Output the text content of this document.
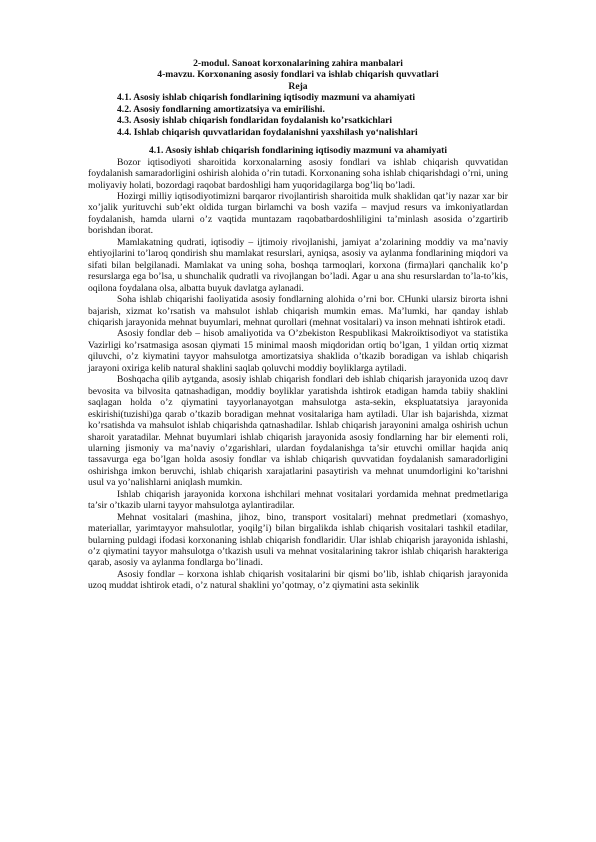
2-modul. Sanoat korxonalarining zahira manbalari
4-mavzu. Korxonaning asosiy fondlari va ishlab chiqarish quvvatlari
Reja
4.1. Asosiy ishlab chiqarish fondlarining iqtisodiy mazmuni va ahamiyati
4.2. Asosiy fondlarning amortizatsiya va emirilishi.
4.3. Asosiy ishlab chiqarish fondlaridan foydalanish ko’rsatkichlari
4.4. Ishlab chiqarish quvvatlaridan foydalanishni yaxshilash yo‘nalishlari
4.1. Asosiy ishlab chiqarish fondlarining iqtisodiy mazmuni va ahamiyati

Bozor iqtisodiyoti sharoitida korxonalarning asosiy fondlari va ishlab chiqarish quvvatidan foydalanish samaradorligini oshirish alohida o’rin tutadi. Korxonaning soha ishlab chiqarishdagi o’rni, uning moliyaviy holati, bozordagi raqobat bardoshligi ham yuqoridagilarga bog’liq bo’ladi.

Hozirgi milliy iqtisodiyotimizni barqaror rivojlantirish sharoitida mulk shaklidan qat’iy nazar xar bir xo’jalik yurituvchi sub’ekt oldida turgan birlamchi va bosh vazifa – mavjud resurs va imkoniyatlardan foydalanish, hamda ularni o’z vaqtida muntazam raqobatbardoshliligini ta’minlash asosida o’zgartirib borishdan iborat.

Mamlakatning qudrati, iqtisodiy – ijtimoiy rivojlanishi, jamiyat a’zolarining moddiy va ma’naviy ehtiyojlarini to’laroq qondirish shu mamlakat resurslari, ayniqsa, asosiy va aylanma fondlarining miqdori va sifati bilan belgilanadi. Mamlakat va uning soha, boshqa tarmoqlari, korxona (firma)lari qanchalik ko’p resurslarga ega bo’lsa, u shunchalik qudratli va rivojlangan bo’ladi. Agar u ana shu resurslardan to’la-to’kis, oqilona foydalana olsa, albatta buyuk davlatga aylanadi.

Soha ishlab chiqarishi faoliyatida asosiy fondlarning alohida o’rni bor. CHunki ularsiz birorta ishni bajarish, xizmat ko’rsatish va mahsulot ishlab chiqarish mumkin emas. Ma’lumki, har qanday ishlab chiqarish jarayonida mehnat buyumlari, mehnat qurollari (mehnat vositalari) va inson mehnati ishtirok etadi.

Asosiy fondlar deb – hisob amaliyotida va O’zbekiston Respublikasi Makroiktisodiyot va statistika Vazirligi ko’rsatmasiga asosan qiymati 15 minimal maosh miqdoridan ortiq bo’lgan, 1 yildan ortiq xizmat qiluvchi, o’z kiymatini tayyor mahsulotga amortizatsiya shaklida o’tkazib boradigan va ishlab chiqarish jarayoni oxiriga kelib natural shaklini saqlab qoluvchi moddiy boyliklarga aytiladi.

Boshqacha qilib aytganda, asosiy ishlab chiqarish fondlari deb ishlab chiqarish jarayonida uzoq davr bevosita va bilvosita qatnashadigan, moddiy boyliklar yaratishda ishtirok etadigan hamda tabiiy shaklini saqlagan holda o’z qiymatini tayyorlanayotgan mahsulotga asta-sekin, ekspluatatsiya jarayonida eskirishi(tuzishi)ga qarab o’tkazib boradigan mehnat vositalariga ham aytiladi. Ular ish bajarishda, xizmat ko’rsatishda va mahsulot ishlab chiqarishda qatnashadilar. Ishlab chiqarish jarayonini amalga oshirish uchun sharoit yaratadilar. Mehnat buyumlari ishlab chiqarish jarayonida asosiy fondlarning har bir elementi roli, ularning jismoniy va ma’naviy o’zgarishlari, ulardan foydalanishga ta’sir etuvchi omillar haqida aniq tassavurga ega bo’lgan holda asosiy fondlar va ishlab chiqarish quvvatidan foydalanish samaradorligini oshirishga imkon beruvchi, ishlab chiqarish xarajatlarini pasaytirish va mehnat unumdorligini ko’tarishni usul va yo’nalishlarni aniqlash mumkin.

Ishlab chiqarish jarayonida korxona ishchilari mehnat vositalari yordamida mehnat predmetlariga ta’sir o’tkazib ularni tayyor mahsulotga aylantiradilar.

Mehnat vositalari (mashina, jihoz, bino, transport vositalari) mehnat predmetlari (xomashyo, materiallar, yarimtayyor mahsulotlar, yoqilg’i) bilan birgalikda ishlab chiqarish vositalari tashkil etadilar, bularning puldagi ifodasi korxonaning ishlab chiqarish fondlaridir. Ular ishlab chiqarish jarayonida ishlashi, o’z qiymatini tayyor mahsulotga o’tkazish usuli va mehnat vositalarining takror ishlab chiqarish harakteriga qarab, asosiy va aylanma fondlarga bo’linadi.

Asosiy fondlar – korxona ishlab chiqarish vositalarini bir qismi bo’lib, ishlab chiqarish jarayonida uzoq muddat ishtirok etadi, o’z natural shaklini yo’qotmay, o’z qiymatini asta sekinlik
